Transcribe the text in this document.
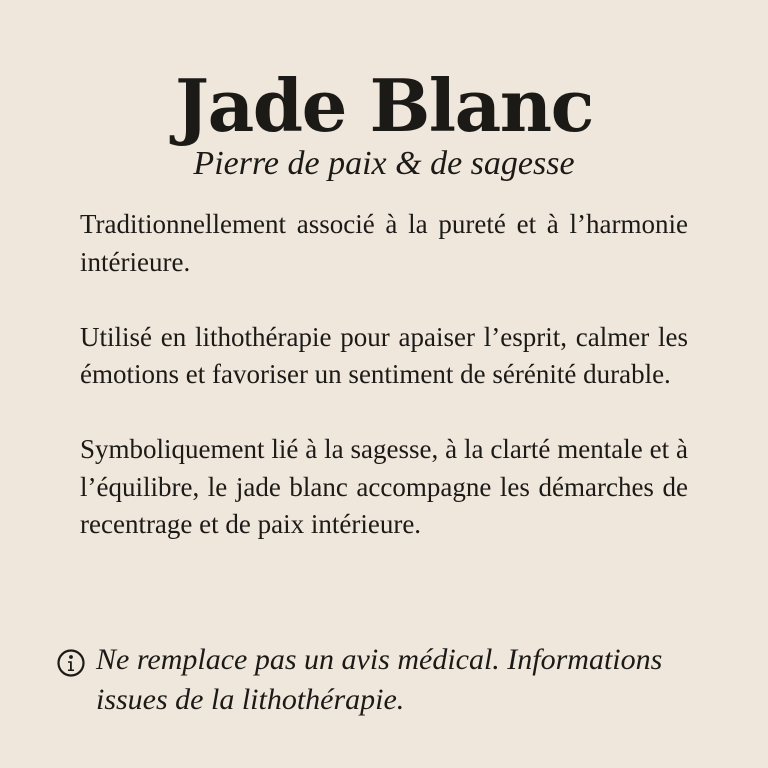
Jade Blanc
Pierre de paix & de sagesse

Traditionnellement associé à la pureté et à l’harmonie intérieure.

Utilisé en lithothérapie pour apaiser l’esprit, calmer les émotions et favoriser un sentiment de sérénité durable.

Symboliquement lié à la sagesse, à la clarté mentale et à l’équilibre, le jade blanc accompagne les démarches de recentrage et de paix intérieure.

Ne remplace pas un avis médical. Informations issues de la lithothérapie.
